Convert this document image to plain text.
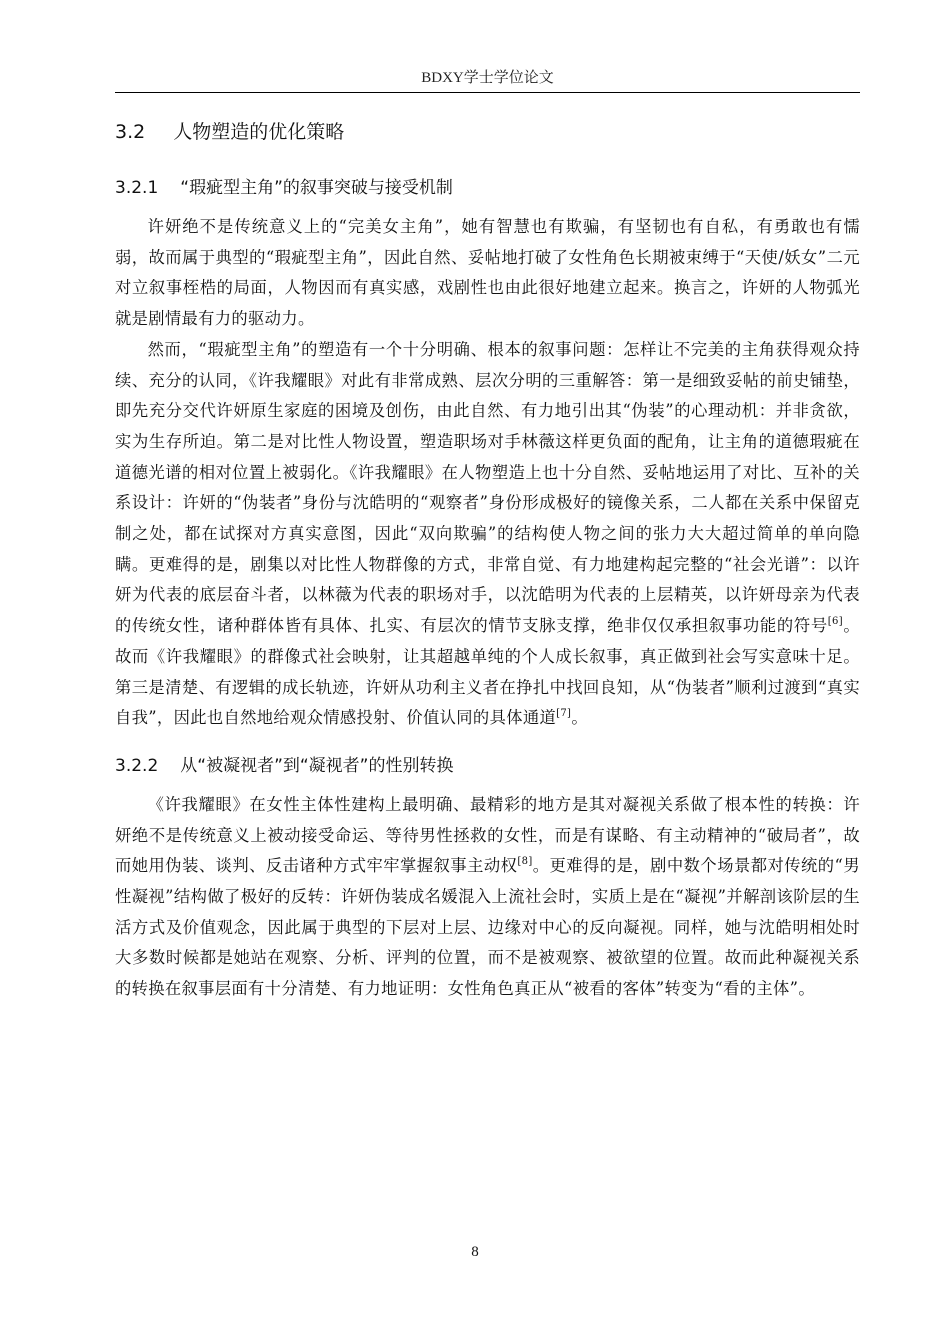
BDXY学士学位论文
3.2 人物塑造的优化策略
3.2.1 “瑕疵型主角”的叙事突破与接受机制

许妍绝不是传统意义上的“完美女主角”，她有智慧也有欺骗，有坚韧也有自私，有勇敢也有懦弱，故而属于典型的“瑕疵型主角”，因此自然、妥帖地打破了女性角色长期被束缚于“天使/妖女”二元对立叙事桎梏的局面，人物因而有真实感，戏剧性也由此很好地建立起来。换言之，许妍的人物弧光就是剧情最有力的驱动力。

然而，“瑕疵型主角”的塑造有一个十分明确、根本的叙事问题：怎样让不完美的主角获得观众持续、充分的认同，《许我耀眼》对此有非常成熟、层次分明的三重解答：第一是细致妥帖的前史铺垫，即先充分交代许妍原生家庭的困境及创伤，由此自然、有力地引出其“伪装”的心理动机：并非贪欲，实为生存所迫。第二是对比性人物设置，塑造职场对手林薇这样更负面的配角，让主角的道德瑕疵在道德光谱的相对位置上被弱化。《许我耀眼》在人物塑造上也十分自然、妥帖地运用了对比、互补的关系设计：许妍的“伪装者”身份与沈皓明的“观察者”身份形成极好的镜像关系，二人都在关系中保留克制之处，都在试探对方真实意图，因此“双向欺骗”的结构使人物之间的张力大大超过简单的单向隐瞒。更难得的是，剧集以对比性人物群像的方式，非常自觉、有力地建构起完整的“社会光谱”：以许妍为代表的底层奋斗者，以林薇为代表的职场对手，以沈皓明为代表的上层精英，以许妍母亲为代表的传统女性，诸种群体皆有具体、扎实、有层次的情节支脉支撑，绝非仅仅承担叙事功能的符号[6]。故而《许我耀眼》的群像式社会映射，让其超越单纯的个人成长叙事，真正做到社会写实意味十足。第三是清楚、有逻辑的成长轨迹，许妍从功利主义者在挣扎中找回良知，从“伪装者”顺利过渡到“真实自我”，因此也自然地给观众情感投射、价值认同的具体通道[7]。

3.2.2 从“被凝视者”到“凝视者”的性别转换

《许我耀眼》在女性主体性建构上最明确、最精彩的地方是其对凝视关系做了根本性的转换：许妍绝不是传统意义上被动接受命运、等待男性拯救的女性，而是有谋略、有主动精神的“破局者”，故而她用伪装、谈判、反击诸种方式牢牢掌握叙事主动权[8]。更难得的是，剧中数个场景都对传统的“男性凝视”结构做了极好的反转：许妍伪装成名媛混入上流社会时，实质上是在“凝视”并解剖该阶层的生活方式及价值观念，因此属于典型的下层对上层、边缘对中心的反向凝视。同样，她与沈皓明相处时大多数时候都是她站在观察、分析、评判的位置，而不是被观察、被欲望的位置。故而此种凝视关系的转换在叙事层面有十分清楚、有力地证明：女性角色真正从“被看的客体”转变为“看的主体”。

8
